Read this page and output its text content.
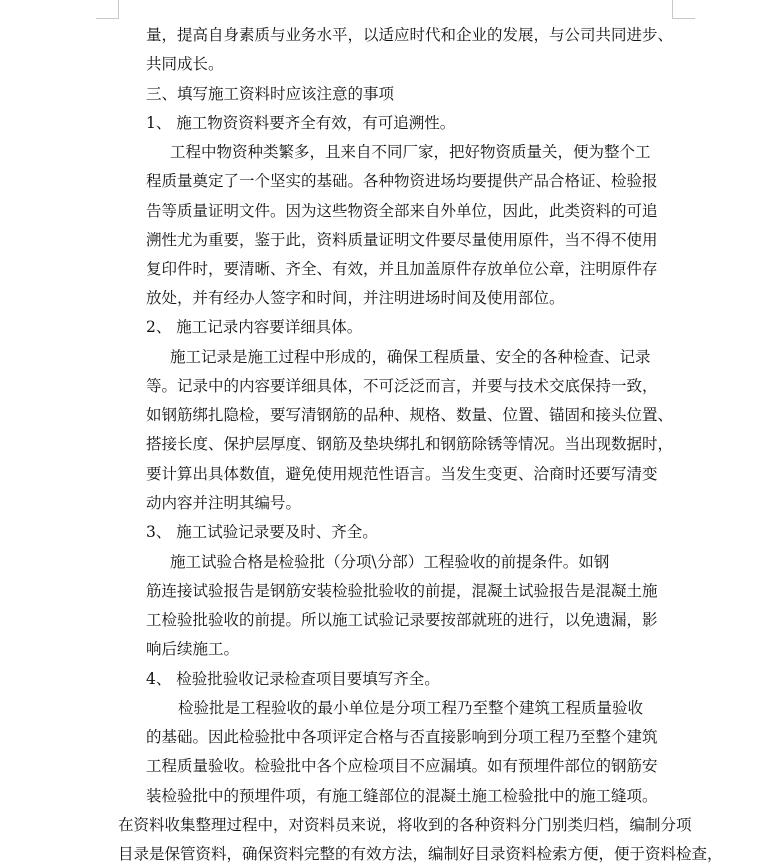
量，提高自身素质与业务水平，以适应时代和企业的发展，与公司共同进步、
共同成长。
三、填写施工资料时应该注意的事项
1、 施工物资资料要齐全有效，有可追溯性。
工程中物资种类繁多，且来自不同厂家，把好物资质量关，便为整个工
程质量奠定了一个坚实的基础。各种物资进场均要提供产品合格证、检验报
告等质量证明文件。因为这些物资全部来自外单位，因此，此类资料的可追
溯性尤为重要，鉴于此，资料质量证明文件要尽量使用原件，当不得不使用
复印件时，要清晰、齐全、有效，并且加盖原件存放单位公章，注明原件存
放处，并有经办人签字和时间，并注明进场时间及使用部位。
2、 施工记录内容要详细具体。
施工记录是施工过程中形成的，确保工程质量、安全的各种检查、记录
等。记录中的内容要详细具体，不可泛泛而言，并要与技术交底保持一致，
如钢筋绑扎隐检，要写清钢筋的品种、规格、数量、位置、锚固和接头位置、
搭接长度、保护层厚度、钢筋及垫块绑扎和钢筋除锈等情况。当出现数据时，
要计算出具体数值，避免使用规范性语言。当发生变更、洽商时还要写清变
动内容并注明其编号。
3、 施工试验记录要及时、齐全。
施工试验合格是检验批（分项\分部）工程验收的前提条件。如钢
筋连接试验报告是钢筋安装检验批验收的前提，混凝土试验报告是混凝土施
工检验批验收的前提。所以施工试验记录要按部就班的进行，以免遗漏，影
响后续施工。
4、 检验批验收记录检查项目要填写齐全。
检验批是工程验收的最小单位是分项工程乃至整个建筑工程质量验收
的基础。因此检验批中各项评定合格与否直接影响到分项工程乃至整个建筑
工程质量验收。检验批中各个应检项目不应漏填。如有预埋件部位的钢筋安
装检验批中的预埋件项，有施工缝部位的混凝土施工检验批中的施工缝项。
在资料收集整理过程中，对资料员来说，将收到的各种资料分门别类归档，编制分项
目录是保管资料，确保资料完整的有效方法，编制好目录资料检索方便，便于资料检查，
